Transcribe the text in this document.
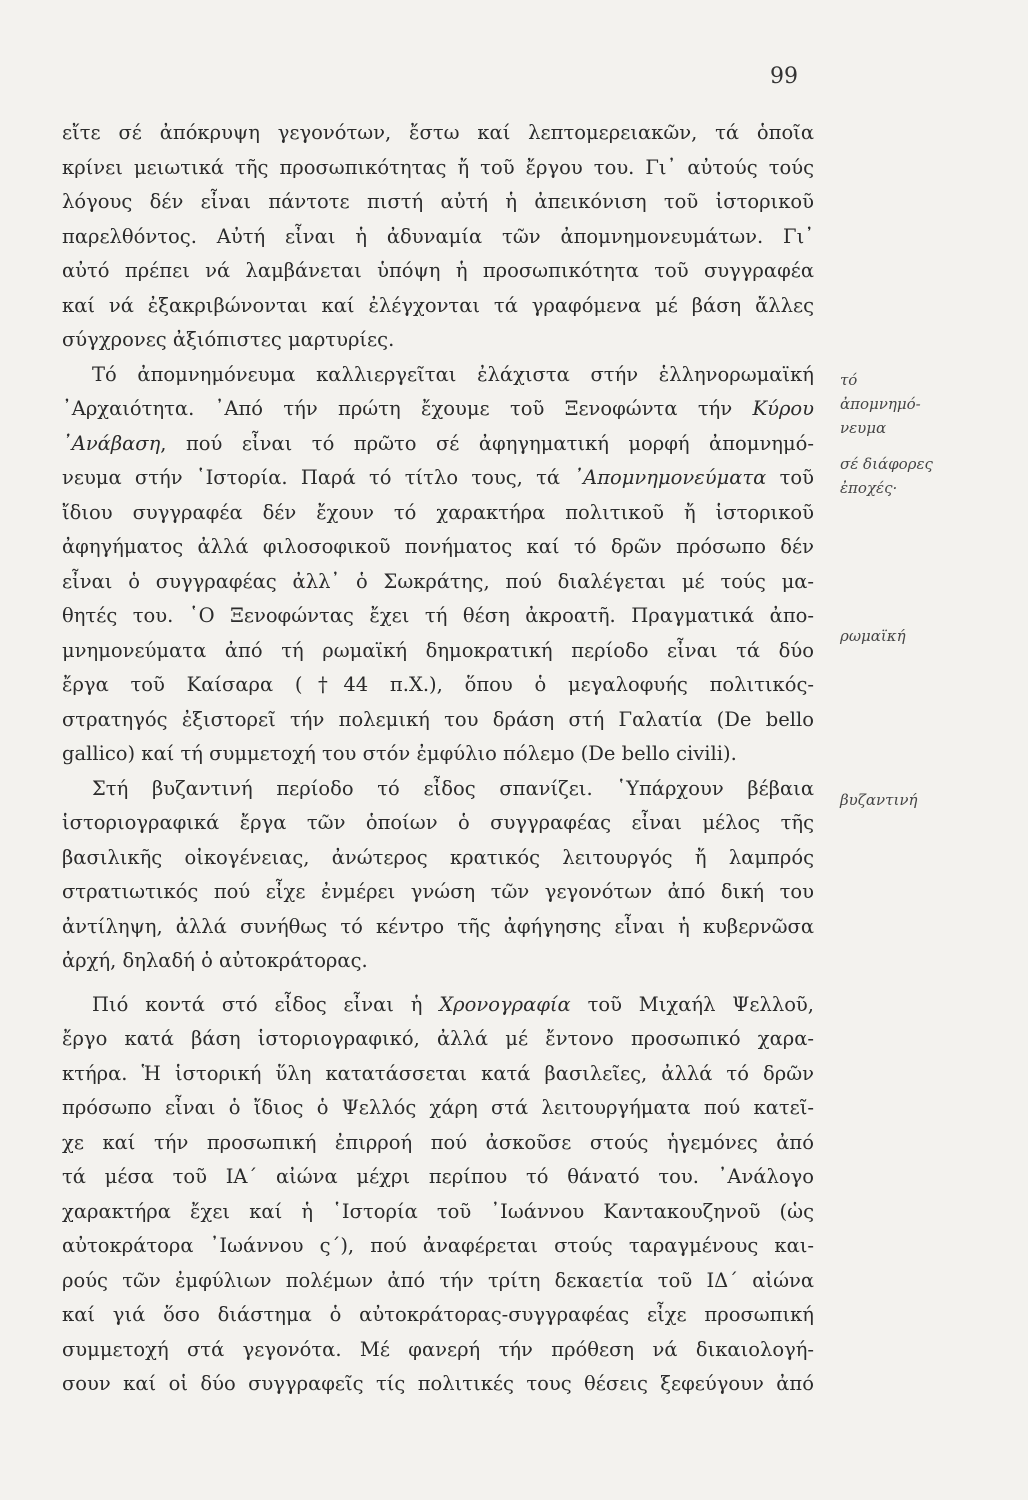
99
εἴτε σέ ἀπόκρυψη γεγονότων, ἔστω καί λεπτομερειακῶν, τά ὁποῖα
κρίνει μειωτικά τῆς προσωπικότητας ἤ τοῦ ἔργου του. Γι᾿ αὐτούς τούς
λόγους δέν εἶναι πάντοτε πιστή αὐτή ἡ ἀπεικόνιση τοῦ ἱστορικοῦ
παρελθόντος. Αὐτή εἶναι ἡ ἀδυναμία τῶν ἀπομνημονευμάτων. Γι᾿
αὐτό πρέπει νά λαμβάνεται ὑπόψη ἡ προσωπικότητα τοῦ συγγραφέα
καί νά ἐξακριβώνονται καί ἐλέγχονται τά γραφόμενα μέ βάση ἄλλες
σύγχρονες ἀξιόπιστες μαρτυρίες.
Τό ἀπομνημόνευμα καλλιεργεῖται ἐλάχιστα στήν ἑλληνορωμαϊκή
᾿Αρχαιότητα. ᾿Από τήν πρώτη ἔχουμε τοῦ Ξενοφώντα τήν Κύρου
᾿Ανάβαση, πού εἶναι τό πρῶτο σέ ἀφηγηματική μορφή ἀπομνημό-
νευμα στήν ῾Ιστορία. Παρά τό τίτλο τους, τά ᾿Απομνημονεύματα τοῦ
ἴδιου συγγραφέα δέν ἔχουν τό χαρακτήρα πολιτικοῦ ἤ ἱστορικοῦ
ἀφηγήματος ἀλλά φιλοσοφικοῦ πονήματος καί τό δρῶν πρόσωπο δέν
εἶναι ὁ συγγραφέας ἀλλ᾿ ὁ Σωκράτης, πού διαλέγεται μέ τούς μα-
θητές του. ῾Ο Ξενοφώντας ἔχει τή θέση ἀκροατῆ. Πραγματικά ἀπο-
μνημονεύματα ἀπό τή ρωμαϊκή δημοκρατική περίοδο εἶναι τά δύο
ἔργα τοῦ Καίσαρα (†44 π.Χ.), ὅπου ὁ μεγαλοφυής πολιτικός-
στρατηγός ἐξιστορεῖ τήν πολεμική του δράση στή Γαλατία (De bello
gallico) καί τή συμμετοχή του στόν ἐμφύλιο πόλεμο (De bello civili).
Στή βυζαντινή περίοδο τό εἶδος σπανίζει. ῾Υπάρχουν βέβαια
ἱστοριογραφικά ἔργα τῶν ὁποίων ὁ συγγραφέας εἶναι μέλος τῆς
βασιλικῆς οἰκογένειας, ἀνώτερος κρατικός λειτουργός ἤ λαμπρός
στρατιωτικός πού εἶχε ἐνμέρει γνώση τῶν γεγονότων ἀπό δική του
ἀντίληψη, ἀλλά συνήθως τό κέντρο τῆς ἀφήγησης εἶναι ἡ κυβερνῶσα
ἀρχή, δηλαδή ὁ αὐτοκράτορας.
Πιό κοντά στό εἶδος εἶναι ἡ Χρονογραφία τοῦ Μιχαήλ Ψελλοῦ,
ἔργο κατά βάση ἱστοριογραφικό, ἀλλά μέ ἔντονο προσωπικό χαρα-
κτήρα. Ἡ ἱστορική ὕλη κατατάσσεται κατά βασιλεῖες, ἀλλά τό δρῶν
πρόσωπο εἶναι ὁ ἴδιος ὁ Ψελλός χάρη στά λειτουργήματα πού κατεῖ-
χε καί τήν προσωπική ἐπιρροή πού ἀσκοῦσε στούς ἡγεμόνες ἀπό
τά μέσα τοῦ ΙΑ΄ αἰώνα μέχρι περίπου τό θάνατό του. ᾿Ανάλογο
χαρακτήρα ἔχει καί ἡ ῾Ιστορία τοῦ ᾿Ιωάννου Καντακουζηνοῦ (ὡς
αὐτοκράτορα ᾿Ιωάννου ς΄), πού ἀναφέρεται στούς ταραγμένους και-
ρούς τῶν ἐμφύλιων πολέμων ἀπό τήν τρίτη δεκαετία τοῦ ΙΔ΄ αἰώνα
καί γιά ὅσο διάστημα ὁ αὐτοκράτορας-συγγραφέας εἶχε προσωπική
συμμετοχή στά γεγονότα. Μέ φανερή τήν πρόθεση νά δικαιολογή-
σουν καί οἱ δύο συγγραφεῖς τίς πολιτικές τους θέσεις ξεφεύγουν ἀπό
τό
ἀπομνημό-
νευμα
σέ διάφορες
ἐποχές·
ρωμαϊκή
βυζαντινή
